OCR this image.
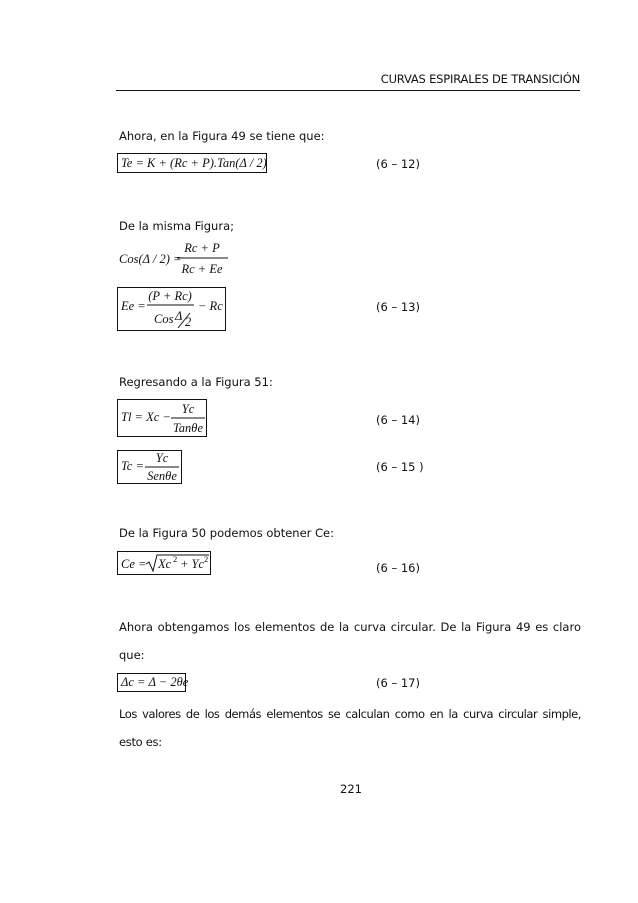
CURVAS ESPIRALES DE TRANSICIÓN
Ahora, en la Figura 49 se tiene que:
Te = K + (Rc + P).Tan(Δ / 2)	(6 – 12)
De la misma Figura;
Cos(Δ / 2) =
Rc + P
Rc + Ee
Ee =
(P + Rc)
Cos Δ 2
− Rc	(6 – 13)
Regresando a la Figura 51:
Tl = Xc −
Yc
Tanθe
(6 – 14)
Tc =
Yc
Senθe
(6 – 15 )
De la Figura 50 podemos obtener Ce:
Ce = Xc 2 + Yc 2
(6 – 16)
Ahora obtengamos los elementos de la curva circular. De la Figura 49 es claro
que:
Δc = Δ − 2θe	(6 – 17)
Los valores de los demás elementos se calculan como en la curva circular simple,
esto es:
221
